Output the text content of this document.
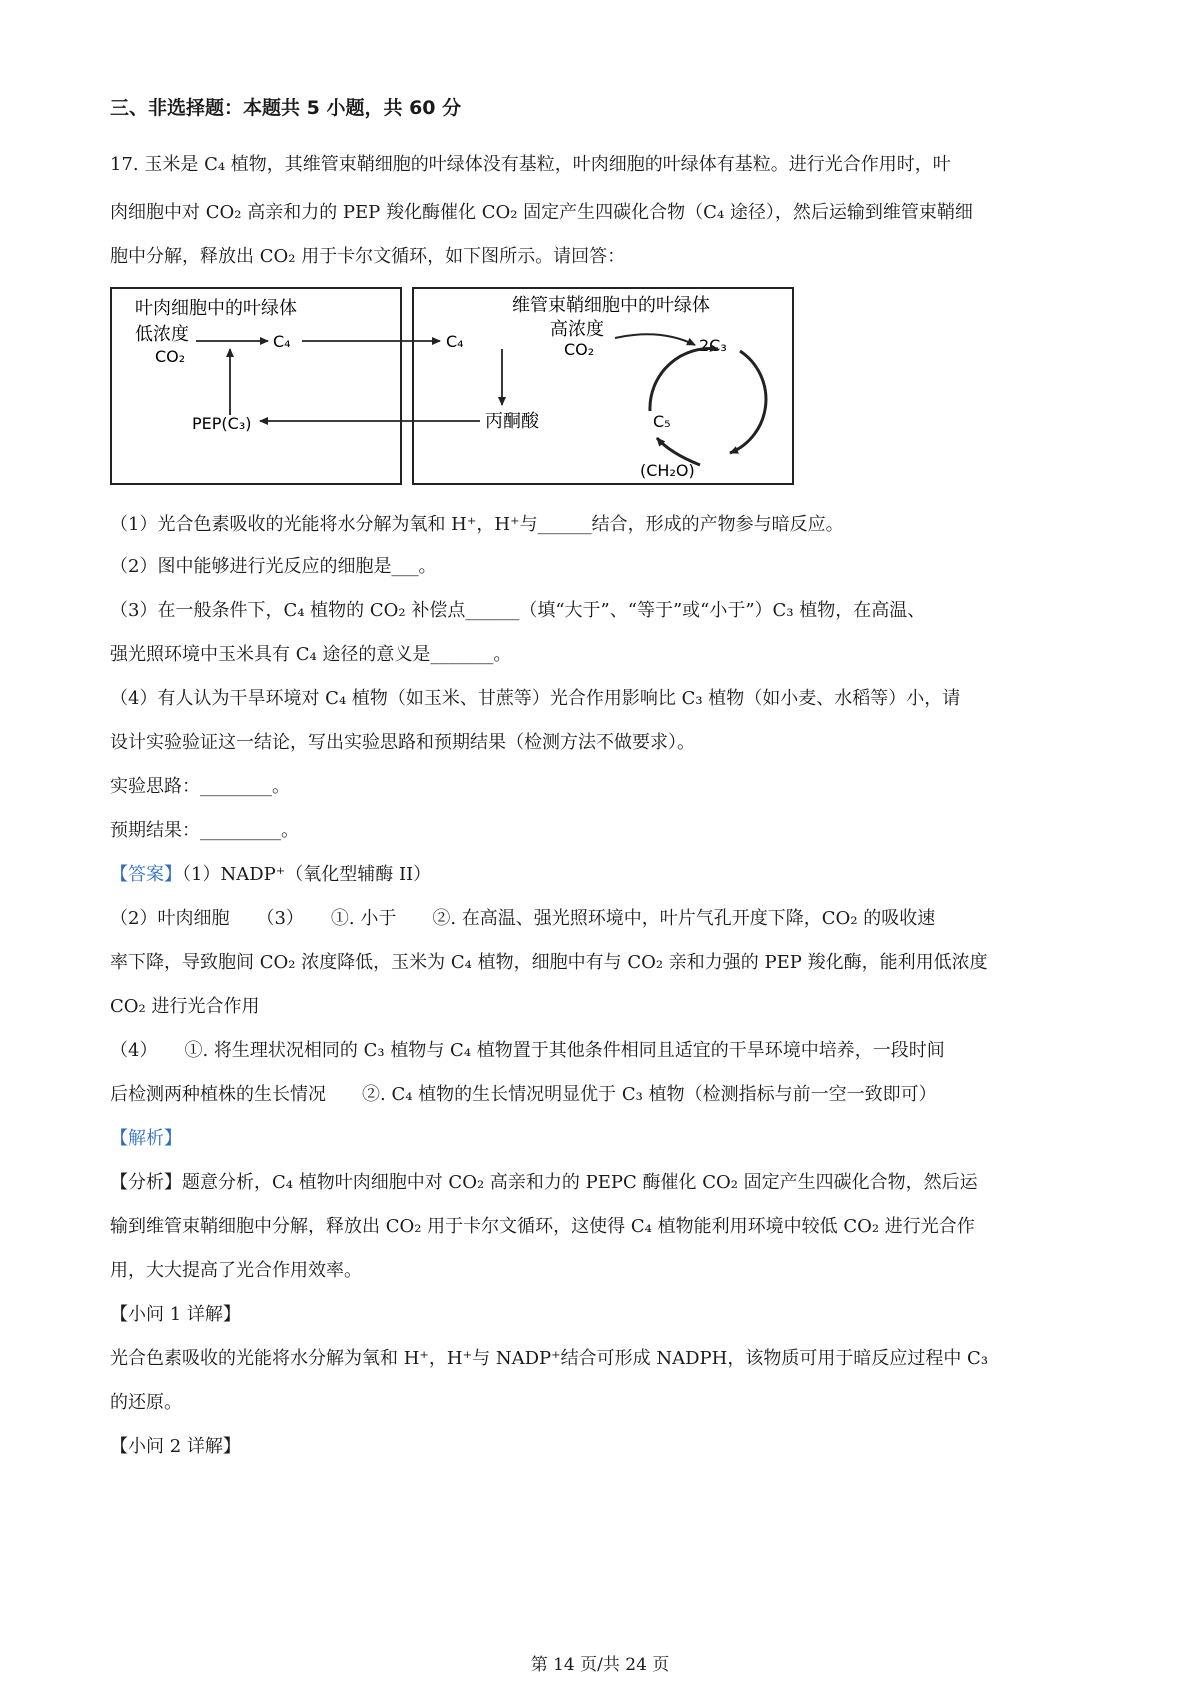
三、非选择题：本题共 5 小题，共 60 分

17. 玉米是 C₄ 植物，其维管束鞘细胞的叶绿体没有基粒，叶肉细胞的叶绿体有基粒。进行光合作用时，叶

肉细胞中对 CO₂ 高亲和力的 PEP 羧化酶催化 CO₂ 固定产生四碳化合物（C₄ 途径），然后运输到维管束鞘细

胞中分解，释放出 CO₂ 用于卡尔文循环，如下图所示。请回答：

叶肉细胞中的叶绿体
低浓度
CO₂
C₄
PEP(C₃)
维管束鞘细胞中的叶绿体
C₄
高浓度
CO₂	2C₃
丙酮酸	C₅
(CH₂O)

（1）光合色素吸收的光能将水分解为氧和 H⁺，H⁺与______结合，形成的产物参与暗反应。

（2）图中能够进行光反应的细胞是___。

（3）在一般条件下，C₄ 植物的 CO₂ 补偿点______（填“大于”、“等于”或“小于”）C₃ 植物，在高温、

强光照环境中玉米具有 C₄ 途径的意义是_______。

（4）有人认为干旱环境对 C₄ 植物（如玉米、甘蔗等）光合作用影响比 C₃ 植物（如小麦、水稻等）小，请

设计实验验证这一结论，写出实验思路和预期结果（检测方法不做要求）。

实验思路：________。

预期结果：_________。

【答案】（1）NADP⁺（氧化型辅酶 II）

（2）叶肉细胞　　（3）　　①. 小于　　②. 在高温、强光照环境中，叶片气孔开度下降，CO₂ 的吸收速

率下降，导致胞间 CO₂ 浓度降低，玉米为 C₄ 植物，细胞中有与 CO₂ 亲和力强的 PEP 羧化酶，能利用低浓度

CO₂ 进行光合作用

（4）　　①. 将生理状况相同的 C₃ 植物与 C₄ 植物置于其他条件相同且适宜的干旱环境中培养，一段时间

后检测两种植株的生长情况　　②. C₄ 植物的生长情况明显优于 C₃ 植物（检测指标与前一空一致即可）

【解析】

【分析】题意分析，C₄ 植物叶肉细胞中对 CO₂ 高亲和力的 PEPC 酶催化 CO₂ 固定产生四碳化合物，然后运

输到维管束鞘细胞中分解，释放出 CO₂ 用于卡尔文循环，这使得 C₄ 植物能利用环境中较低 CO₂ 进行光合作

用，大大提高了光合作用效率。

【小问 1 详解】

光合色素吸收的光能将水分解为氧和 H⁺，H⁺与 NADP⁺结合可形成 NADPH，该物质可用于暗反应过程中 C₃

的还原。

【小问 2 详解】

第 14 页/共 24 页
